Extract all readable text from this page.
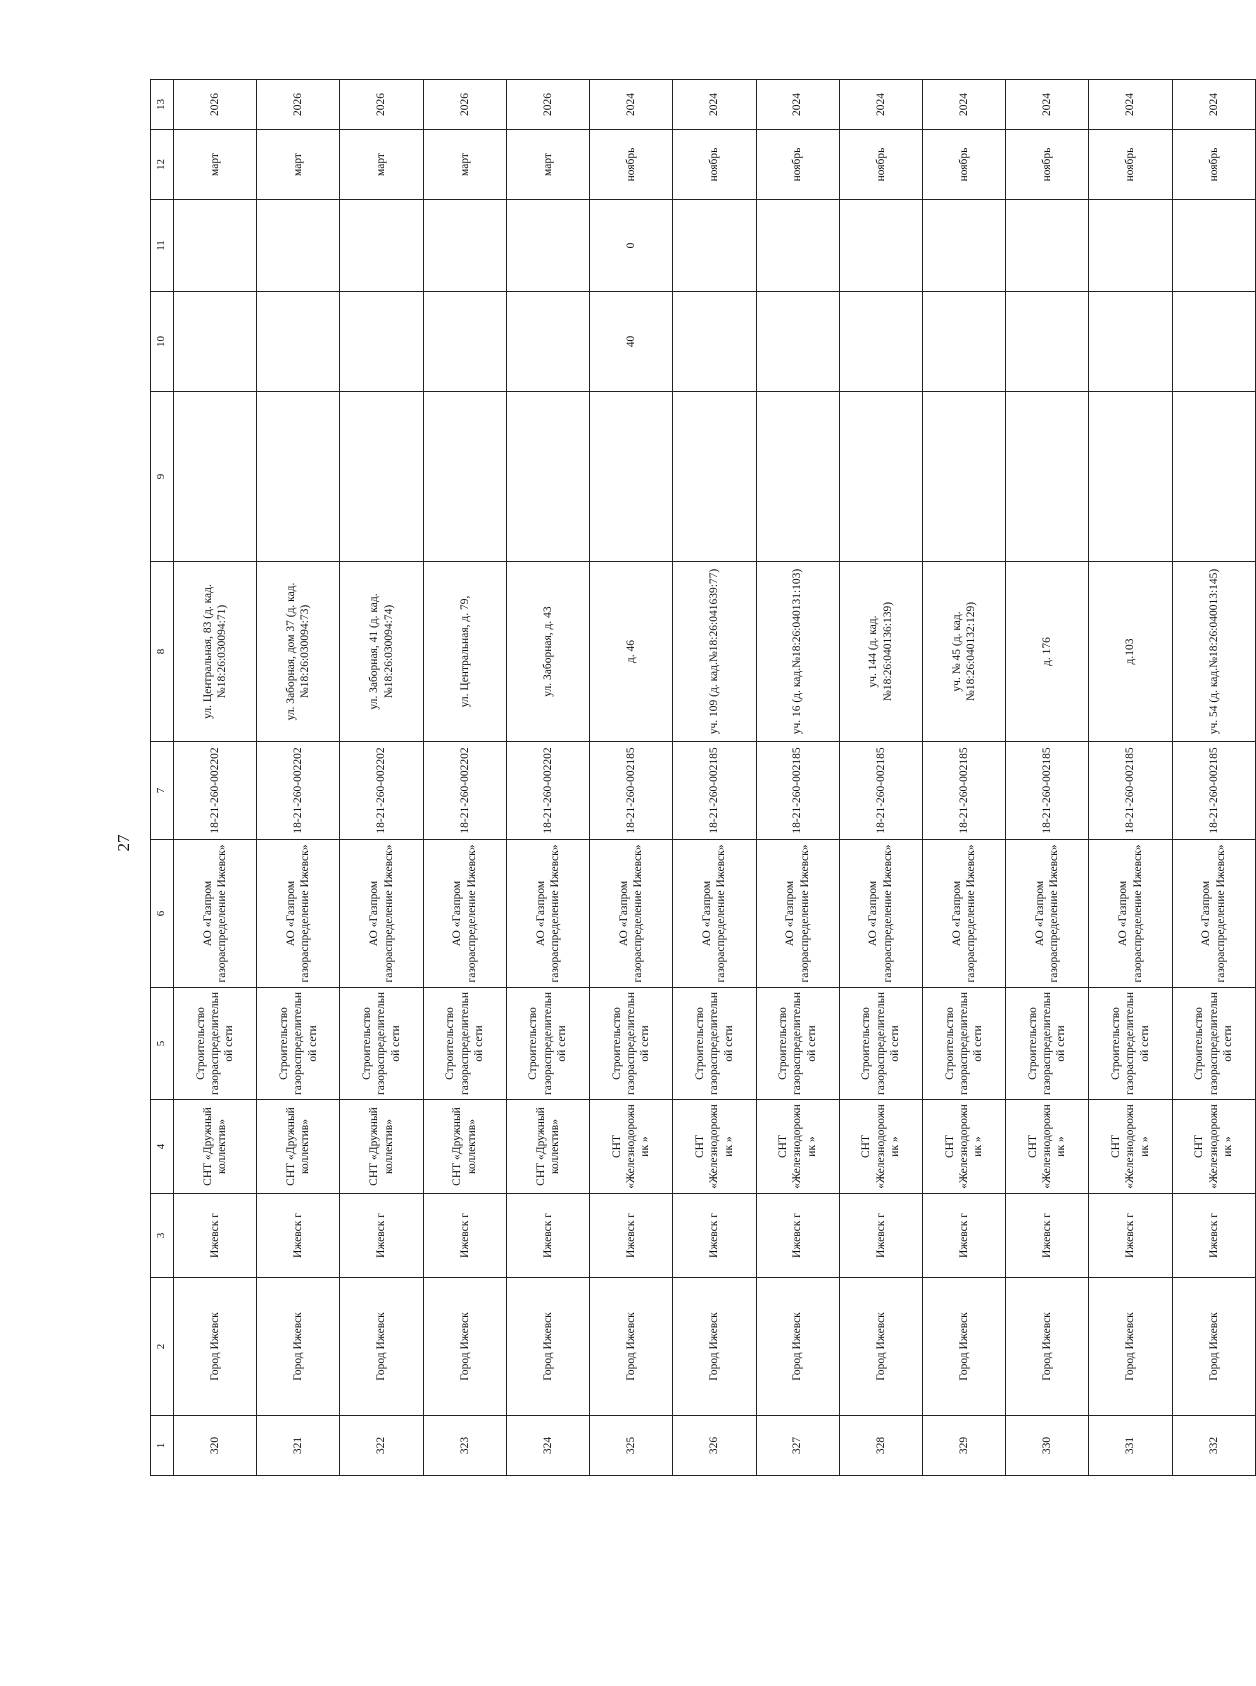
27
1	2	3	4	5	6	7	8	9	10	11	12	13
320	Город Ижевск	Ижевск г	СНТ «Дружный коллектив»	Строительство газораспределительной сети	АО «Газпром газораспределение Ижевск»	18-21-260-002202	ул. Центральная, 83 (д. кад.№18:26:030094:71)				март	2026
321	Город Ижевск	Ижевск г	СНТ «Дружный коллектив»	Строительство газораспределительной сети	АО «Газпром газораспределение Ижевск»	18-21-260-002202	ул. Заборная, дом 37 (д. кад.№18:26:030094:73)				март	2026
322	Город Ижевск	Ижевск г	СНТ «Дружный коллектив»	Строительство газораспределительной сети	АО «Газпром газораспределение Ижевск»	18-21-260-002202	ул. Заборная, 41 (д. кад.№18:26:030094:74)				март	2026
323	Город Ижевск	Ижевск г	СНТ «Дружный коллектив»	Строительство газораспределительной сети	АО «Газпром газораспределение Ижевск»	18-21-260-002202	ул. Центральная, д. 79,				март	2026
324	Город Ижевск	Ижевск г	СНТ «Дружный коллектив»	Строительство газораспределительной сети	АО «Газпром газораспределение Ижевск»	18-21-260-002202	ул. Заборная, д. 43				март	2026
325	Город Ижевск	Ижевск г	СНТ «Железнодорожник »	Строительство газораспределительной сети	АО «Газпром газораспределение Ижевск»	18-21-260-002185	д. 46		40	0	ноябрь	2024
326	Город Ижевск	Ижевск г	СНТ «Железнодорожник »	Строительство газораспределительной сети	АО «Газпром газораспределение Ижевск»	18-21-260-002185	уч. 109 (д. кад.№18:26:041639:77)				ноябрь	2024
327	Город Ижевск	Ижевск г	СНТ «Железнодорожник »	Строительство газораспределительной сети	АО «Газпром газораспределение Ижевск»	18-21-260-002185	уч. 16 (д. кад.№18:26:040131:103)				ноябрь	2024
328	Город Ижевск	Ижевск г	СНТ «Железнодорожник »	Строительство газораспределительной сети	АО «Газпром газораспределение Ижевск»	18-21-260-002185	уч. 144 (д. кад.№18:26:040136:139)				ноябрь	2024
329	Город Ижевск	Ижевск г	СНТ «Железнодорожник »	Строительство газораспределительной сети	АО «Газпром газораспределение Ижевск»	18-21-260-002185	уч. № 45 (д. кад.№18:26:040132:129)				ноябрь	2024
330	Город Ижевск	Ижевск г	СНТ «Железнодорожник »	Строительство газораспределительной сети	АО «Газпром газораспределение Ижевск»	18-21-260-002185	д. 176				ноябрь	2024
331	Город Ижевск	Ижевск г	СНТ «Железнодорожник »	Строительство газораспределительной сети	АО «Газпром газораспределение Ижевск»	18-21-260-002185	д.103				ноябрь	2024
332	Город Ижевск	Ижевск г	СНТ «Железнодорожник »	Строительство газораспределительной сети	АО «Газпром газораспределение Ижевск»	18-21-260-002185	уч. 54 (д. кад.№18:26:040013:145)				ноябрь	2024
